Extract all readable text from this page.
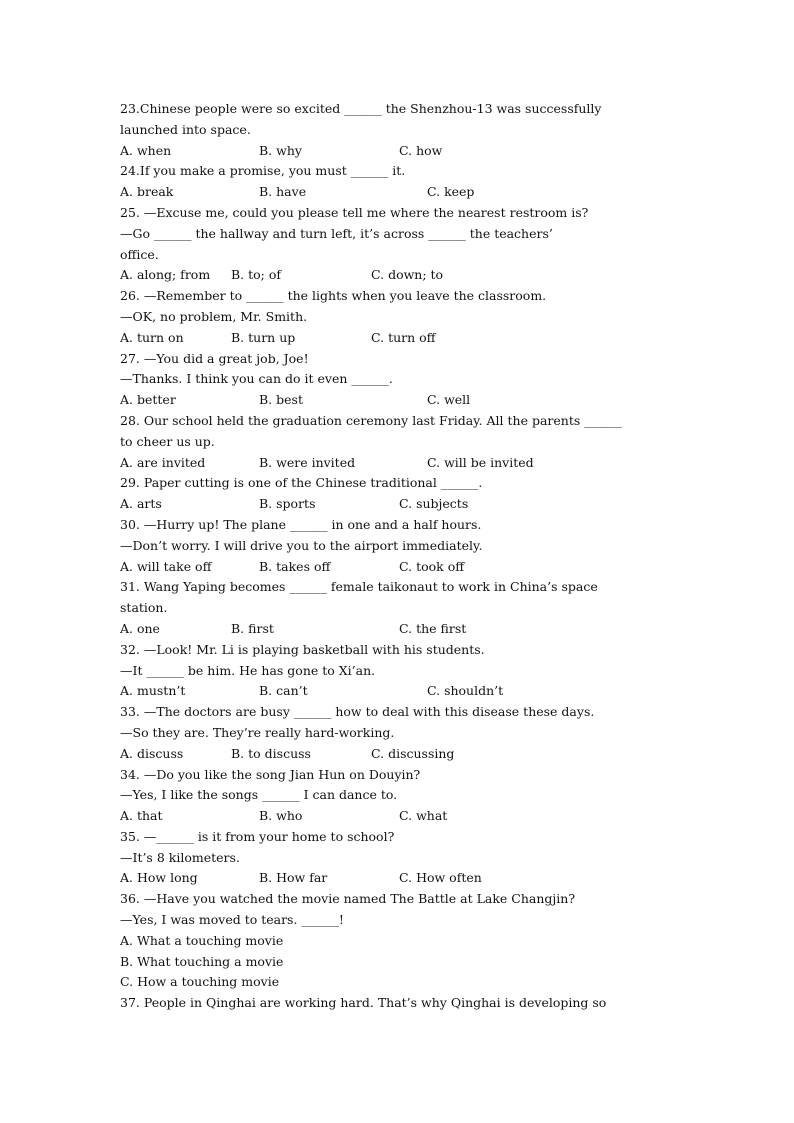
23.Chinese people were so excited ______ the Shenzhou-13 was successfully
launched into space.
A. when	B. why	C. how
24.If you make a promise, you must ______ it.
A. break	B. have	C. keep
25. —Excuse me, could you please tell me where the nearest restroom is?
—Go ______ the hallway and turn left, it’s across ______ the teachers’
office.
A. along; from B. to; of	C. down; to
26. —Remember to ______ the lights when you leave the classroom.
—OK, no problem, Mr. Smith.
A. turn on	B. turn up	C. turn off
27. —You did a great job, Joe!
—Thanks. I think you can do it even ______.
A. better	B. best	C. well
28. Our school held the graduation ceremony last Friday. All the parents ______
to cheer us up.
A. are invited	B. were invited	C. will be invited
29. Paper cutting is one of the Chinese traditional ______.
A. arts	B. sports	C. subjects
30. —Hurry up! The plane ______ in one and a half hours.
—Don’t worry. I will drive you to the airport immediately.
A. will take off	B. takes off	C. took off
31. Wang Yaping becomes ______ female taikonaut to work in China’s space
station.
A. one	B. first	C. the first
32. —Look! Mr. Li is playing basketball with his students.
—It ______ be him. He has gone to Xi’an.
A. mustn’t	B. can’t	C. shouldn’t
33. —The doctors are busy ______ how to deal with this disease these days.
—So they are. They’re really hard-working.
A. discuss	B. to discuss	C. discussing
34. —Do you like the song Jian Hun on Douyin?
—Yes, I like the songs ______ I can dance to.
A. that	B. who	C. what
35. —______ is it from your home to school?
—It’s 8 kilometers.
A. How long	B. How far	C. How often
36. —Have you watched the movie named The Battle at Lake Changjin?
—Yes, I was moved to tears. ______!
A. What a touching movie
B. What touching a movie
C. How a touching movie
37. People in Qinghai are working hard. That’s why Qinghai is developing so
